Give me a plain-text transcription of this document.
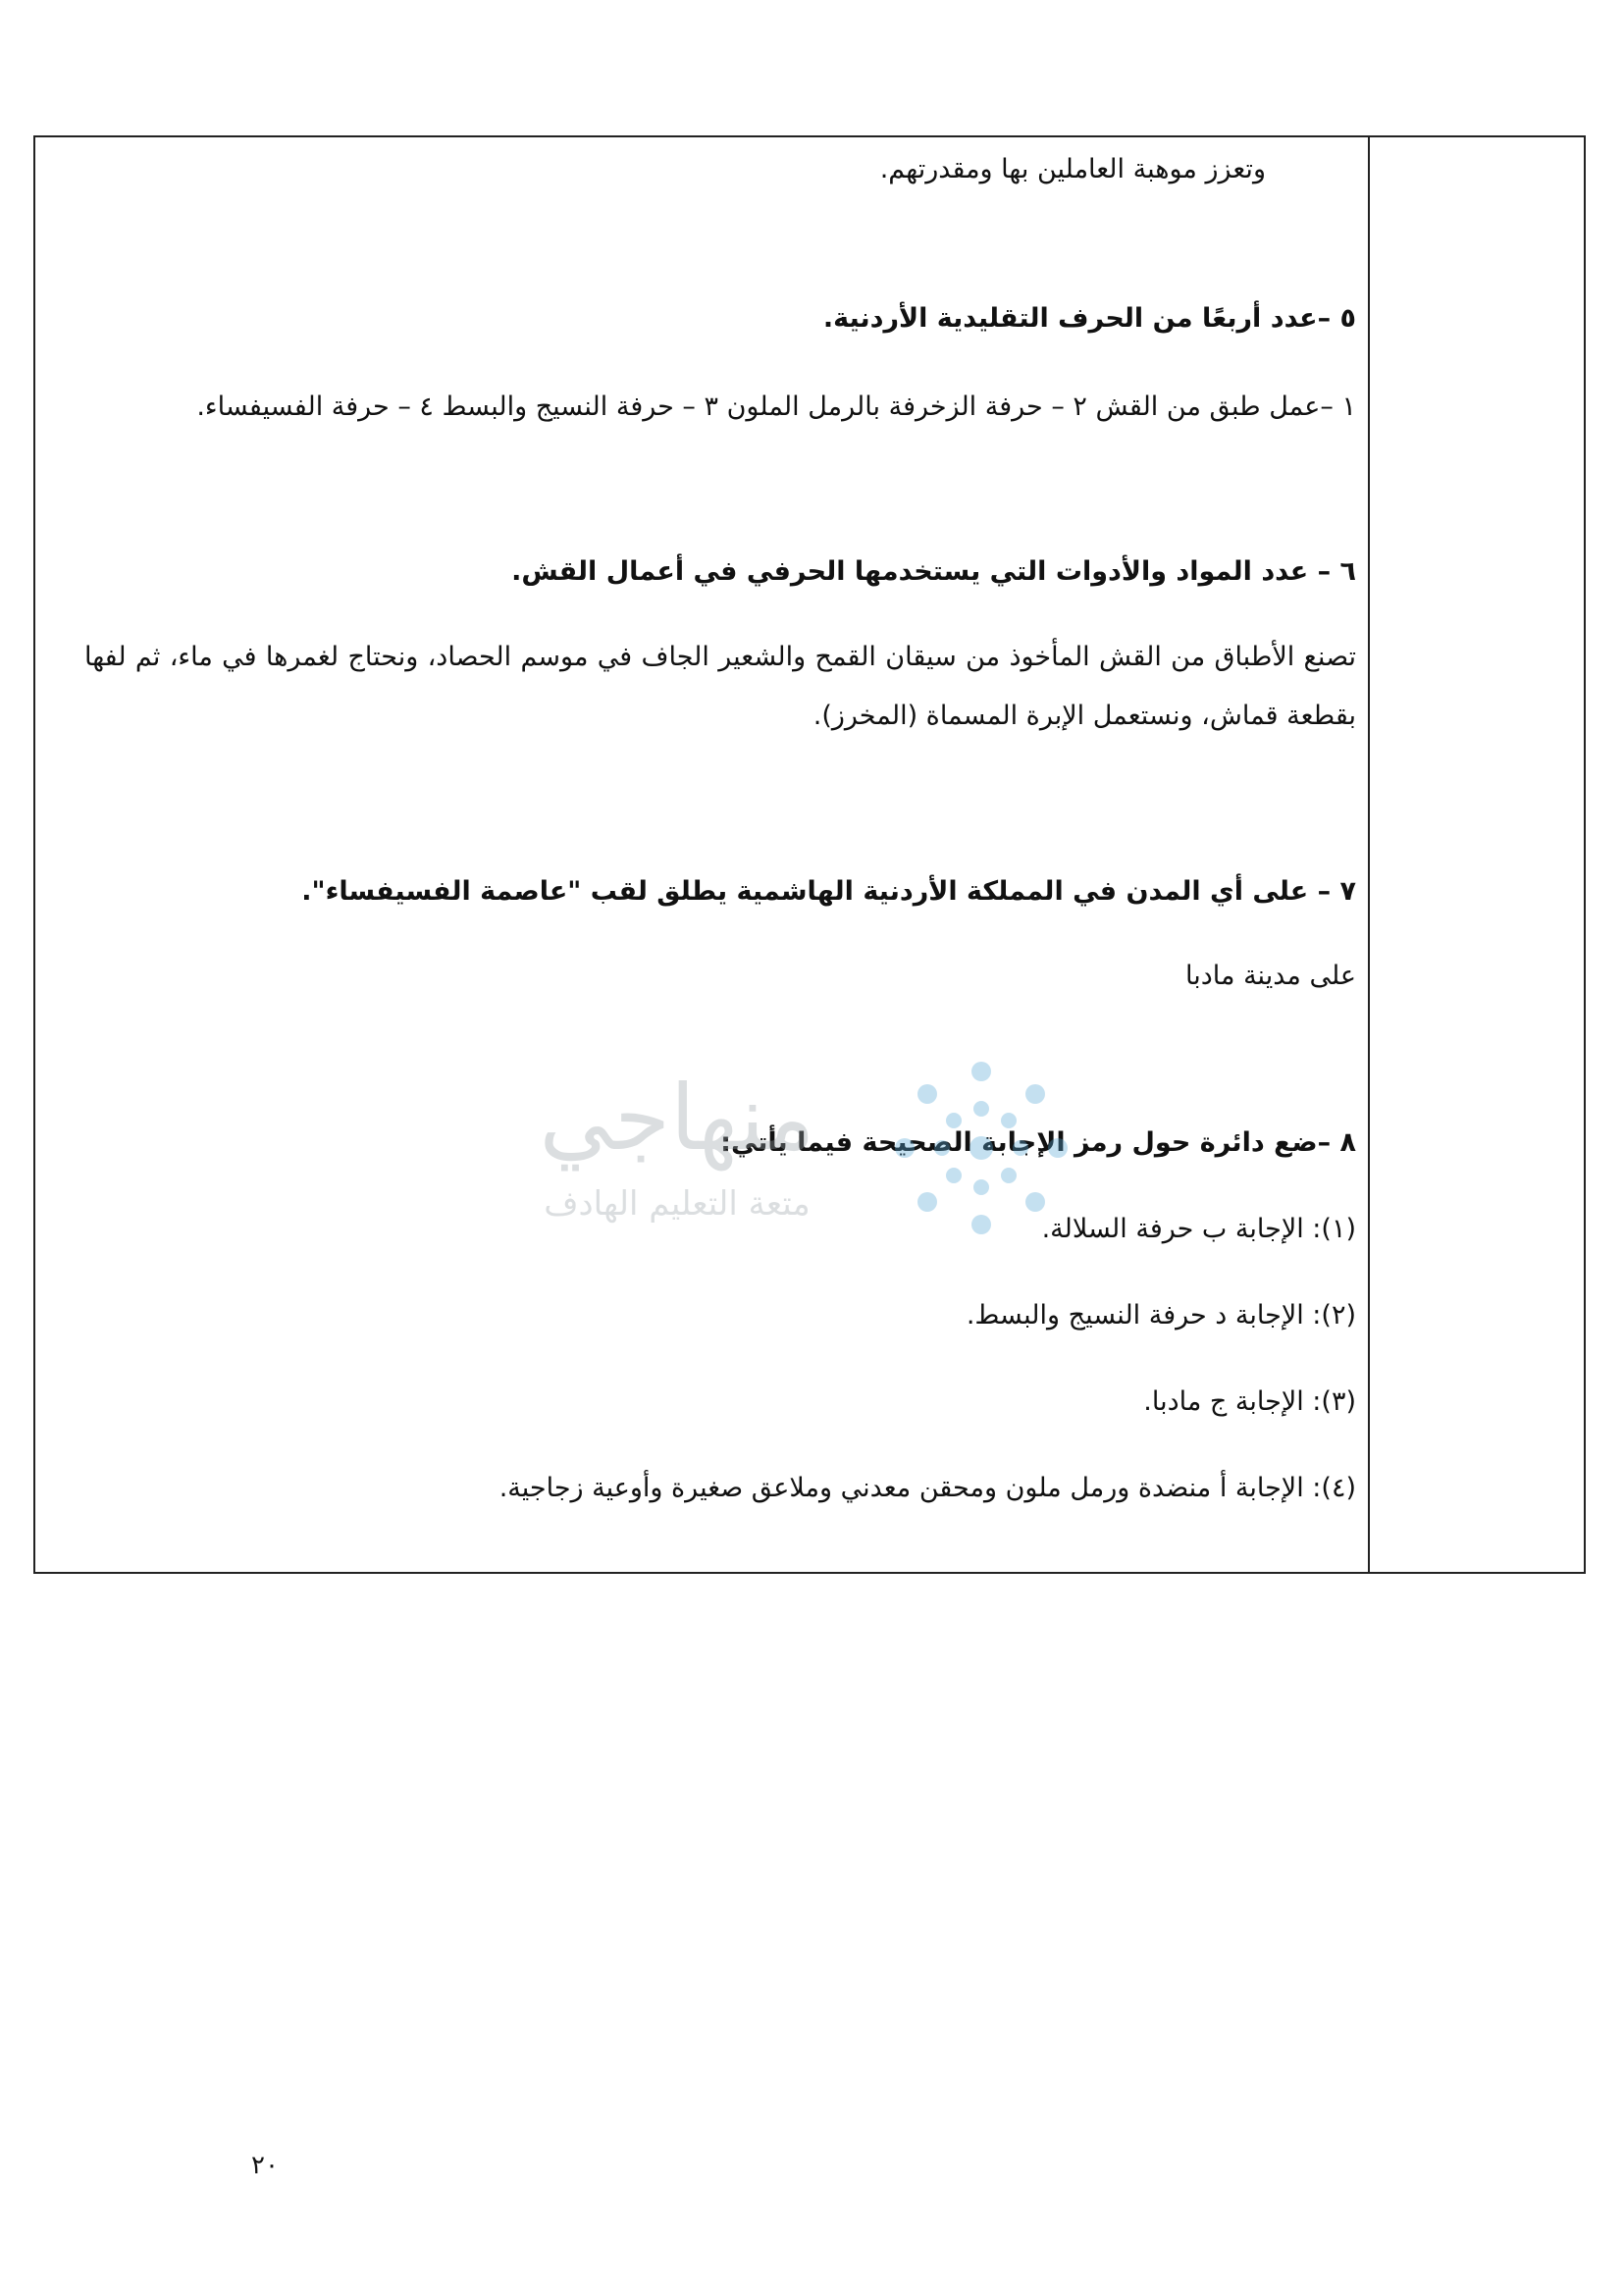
وتعزز موهبة العاملين بها ومقدرتهم.
٥ –عدد أربعًا من الحرف التقليدية الأردنية.
١ –عمل طبق من القش ٢ – حرفة الزخرفة بالرمل الملون ٣ – حرفة النسيج والبسط ٤ – حرفة الفسيفساء.
٦ – عدد المواد والأدوات التي يستخدمها الحرفي في أعمال القش.
تصنع الأطباق من القش المأخوذ من سيقان القمح والشعير الجاف في موسم الحصاد، ونحتاج لغمرها في ماء، ثم لفها بقطعة قماش، ونستعمل الإبرة المسماة (المخرز).
٧ – على أي المدن في المملكة الأردنية الهاشمية يطلق لقب "عاصمة الفسيفساء".
على مدينة مادبا
٨ –ضع دائرة حول رمز الإجابة الصحيحة فيما يأتي:
(١): الإجابة ب حرفة السلالة.
(٢): الإجابة د حرفة النسيج والبسط.
(٣): الإجابة ج مادبا.
(٤): الإجابة أ منضدة ورمل ملون ومحقن معدني وملاعق صغيرة وأوعية زجاجية.
منهاجي
متعة التعليم الهادف
٢٠
